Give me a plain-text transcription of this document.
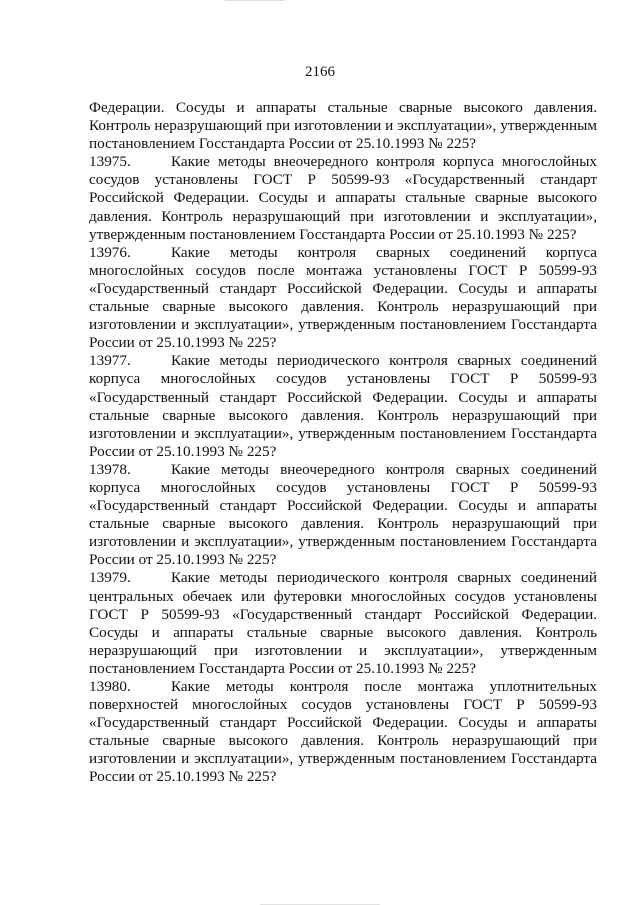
2166

Федерации. Сосуды и аппараты стальные сварные высокого давления. Контроль неразрушающий при изготовлении и эксплуатации», утвержденным постановлением Госстандарта России от 25.10.1993 № 225?

13975.	Какие методы внеочередного контроля корпуса многослойных сосудов установлены ГОСТ Р 50599-93 «Государственный стандарт Российской Федерации. Сосуды и аппараты стальные сварные высокого давления. Контроль неразрушающий при изготовлении и эксплуатации», утвержденным постановлением Госстандарта России от 25.10.1993 № 225?

13976.	Какие методы контроля сварных соединений корпуса многослойных сосудов после монтажа установлены ГОСТ Р 50599-93 «Государственный стандарт Российской Федерации. Сосуды и аппараты стальные сварные высокого давления. Контроль неразрушающий при изготовлении и эксплуатации», утвержденным постановлением Госстандарта России от 25.10.1993 № 225?

13977.	Какие методы периодического контроля сварных соединений корпуса многослойных сосудов установлены ГОСТ Р 50599-93 «Государственный стандарт Российской Федерации. Сосуды и аппараты стальные сварные высокого давления. Контроль неразрушающий при изготовлении и эксплуатации», утвержденным постановлением Госстандарта России от 25.10.1993 № 225?

13978.	Какие методы внеочередного контроля сварных соединений корпуса многослойных сосудов установлены ГОСТ Р 50599-93 «Государственный стандарт Российской Федерации. Сосуды и аппараты стальные сварные высокого давления. Контроль неразрушающий при изготовлении и эксплуатации», утвержденным постановлением Госстандарта России от 25.10.1993 № 225?

13979.	Какие методы периодического контроля сварных соединений центральных обечаек или футеровки многослойных сосудов установлены ГОСТ Р 50599-93 «Государственный стандарт Российской Федерации. Сосуды и аппараты стальные сварные высокого давления. Контроль неразрушающий при изготовлении и эксплуатации», утвержденным постановлением Госстандарта России от 25.10.1993 № 225?

13980.	Какие методы контроля после монтажа уплотнительных поверхностей многослойных сосудов установлены ГОСТ Р 50599-93 «Государственный стандарт Российской Федерации. Сосуды и аппараты стальные сварные высокого давления. Контроль неразрушающий при изготовлении и эксплуатации», утвержденным постановлением Госстандарта России от 25.10.1993 № 225?
